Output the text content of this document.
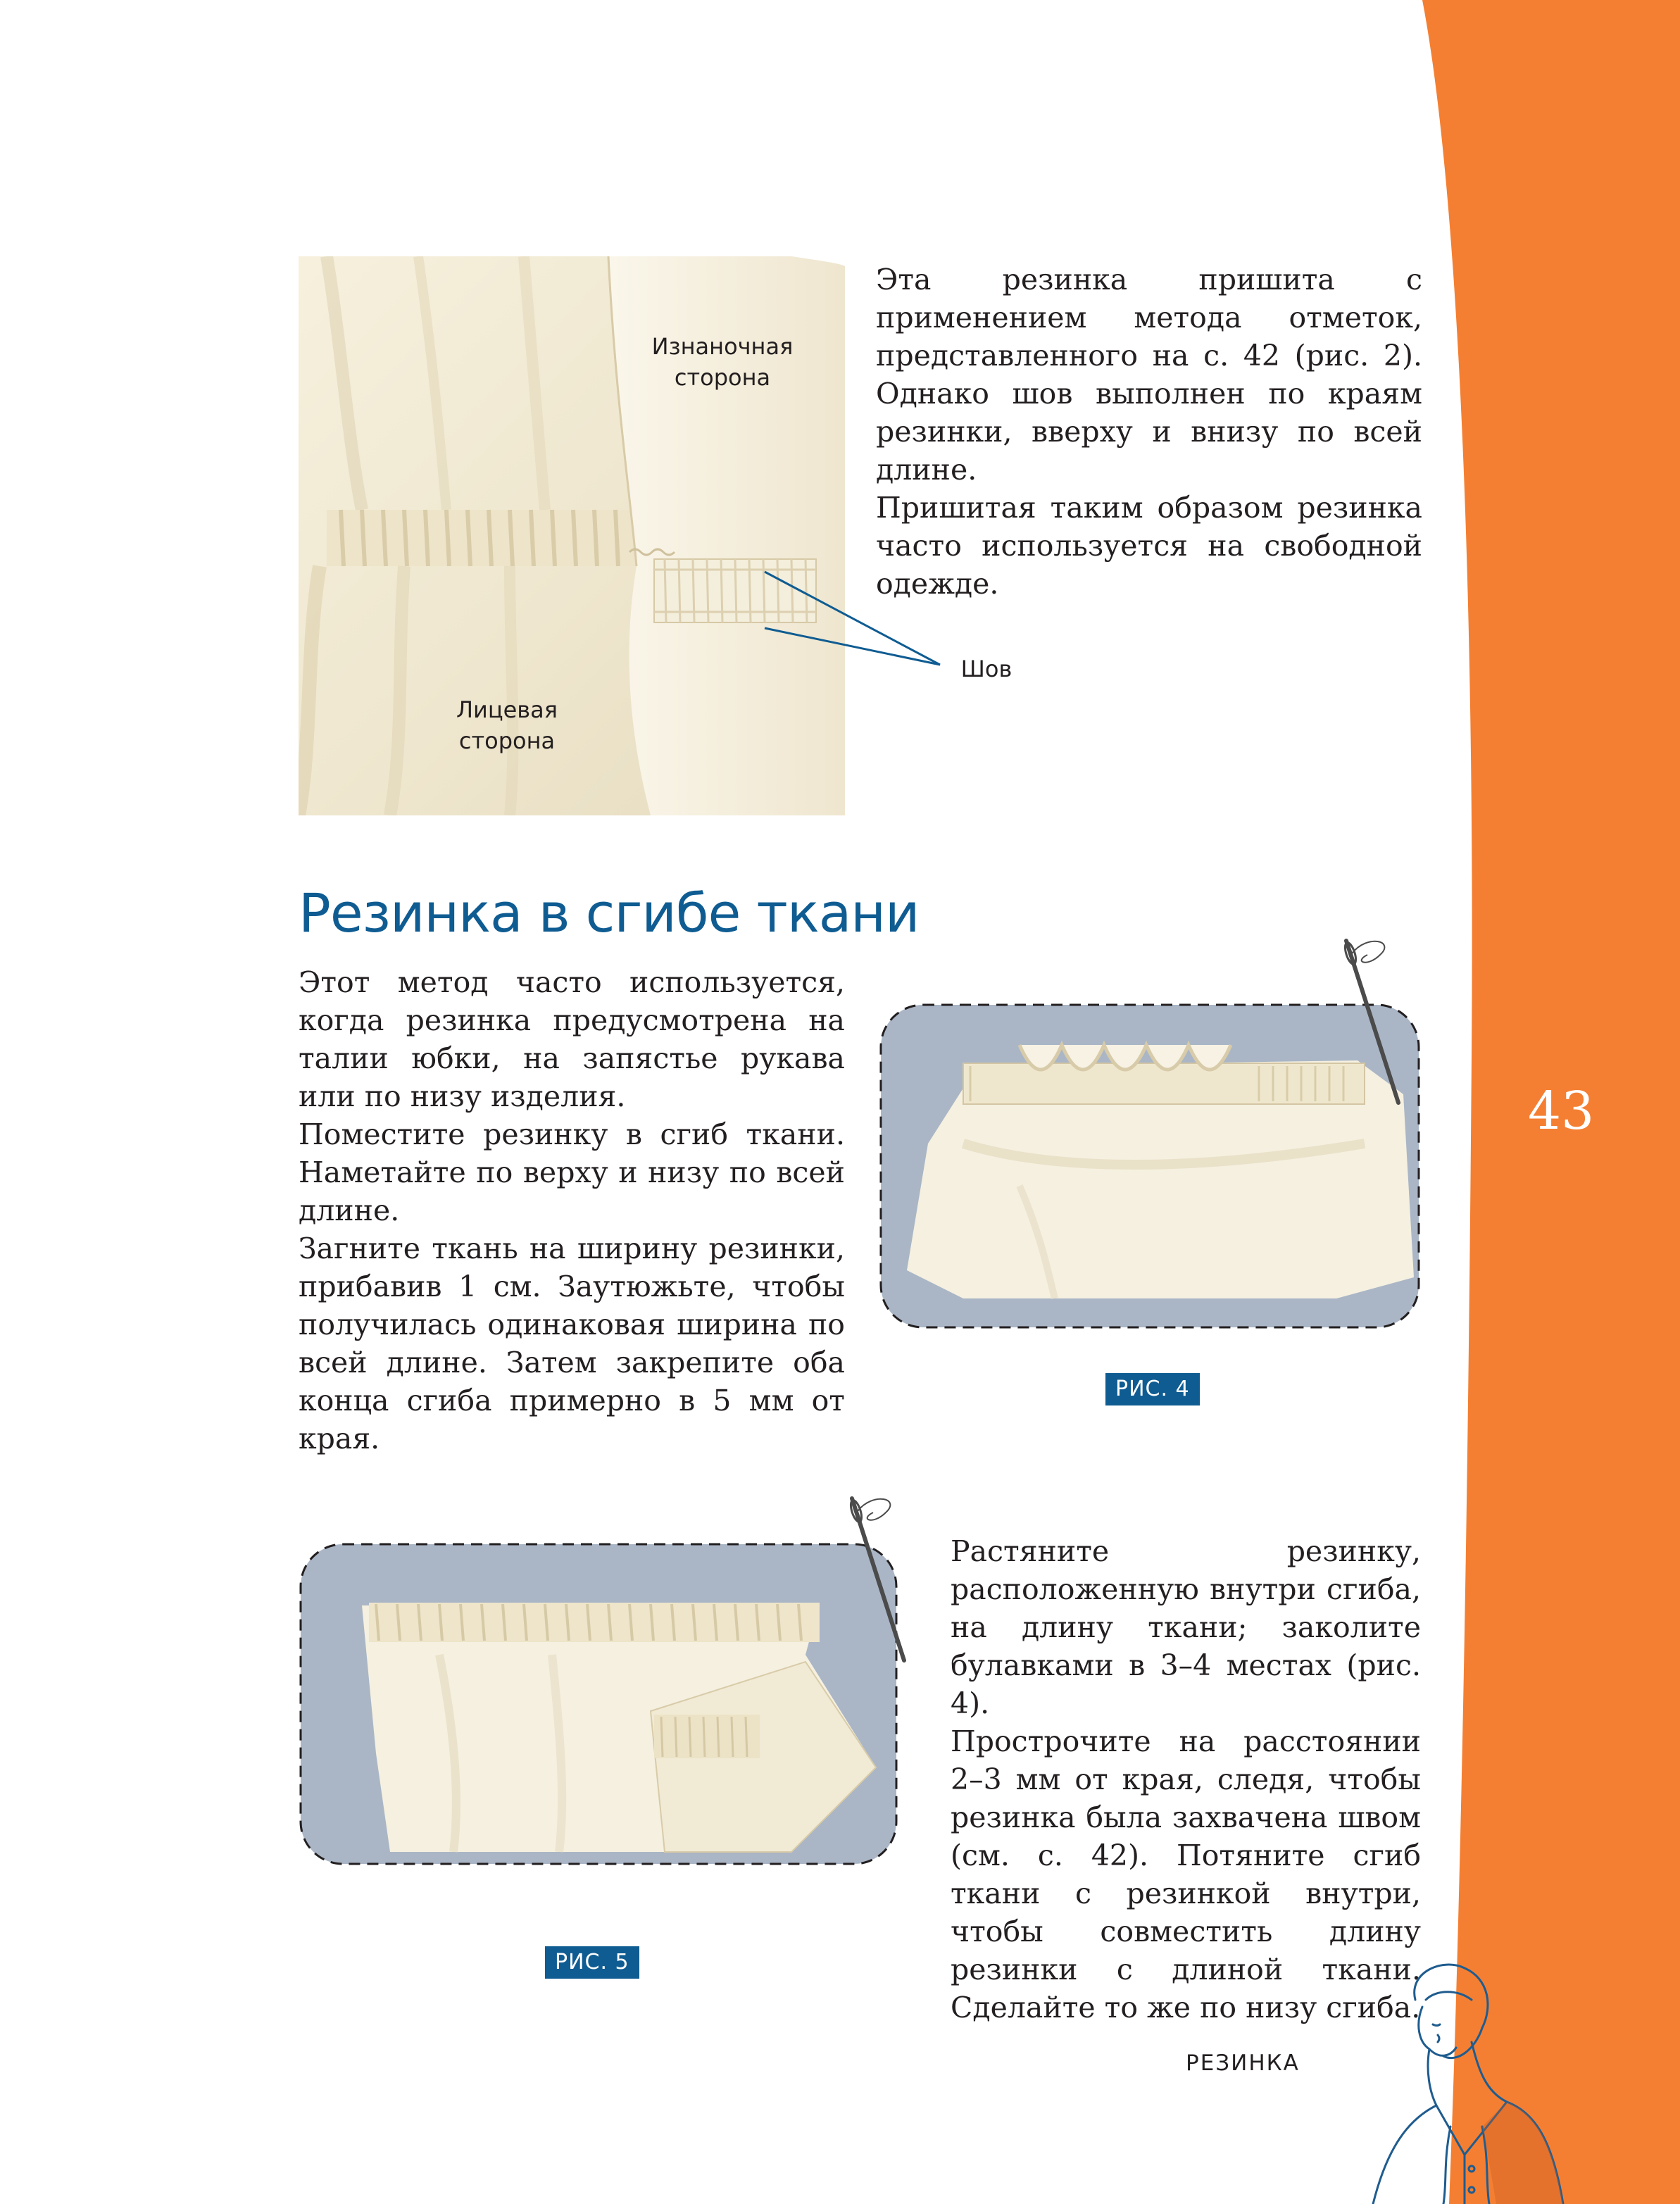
Изнаночная
сторона
Лицевая
сторона
Шов

Эта резинка пришита с применением метода отметок, представленного на с. 42 (рис. 2). Однако шов выполнен по краям резинки, вверху и внизу по всей длине.

Пришитая таким образом резинка часто используется на свободной одежде.

Резинка в сгибе ткани

Этот метод часто используется, когда резинка предусмотрена на талии юбки, на запястье рукава или по низу изделия.

Поместите резинку в сгиб ткани. Наметайте по верху и низу по всей длине.

Загните ткань на ширину резинки, прибавив 1 см. Заутюжьте, чтобы получилась одинаковая ширина по всей длине. Затем закрепите оба конца сгиба примерно в 5 мм от края.

РИС. 4
РИС. 5

Растяните резинку, расположенную внутри сгиба, на длину ткани; заколите булавками в 3–4 местах (рис. 4).

Прострочите на расстоянии 2–3 мм от края, следя, чтобы резинка была захвачена швом (см. с. 42). Потяните сгиб ткани с резинкой внутри, чтобы совместить длину резинки с длиной ткани. Сделайте то же по низу сгиба.

43
РЕЗИНКА
